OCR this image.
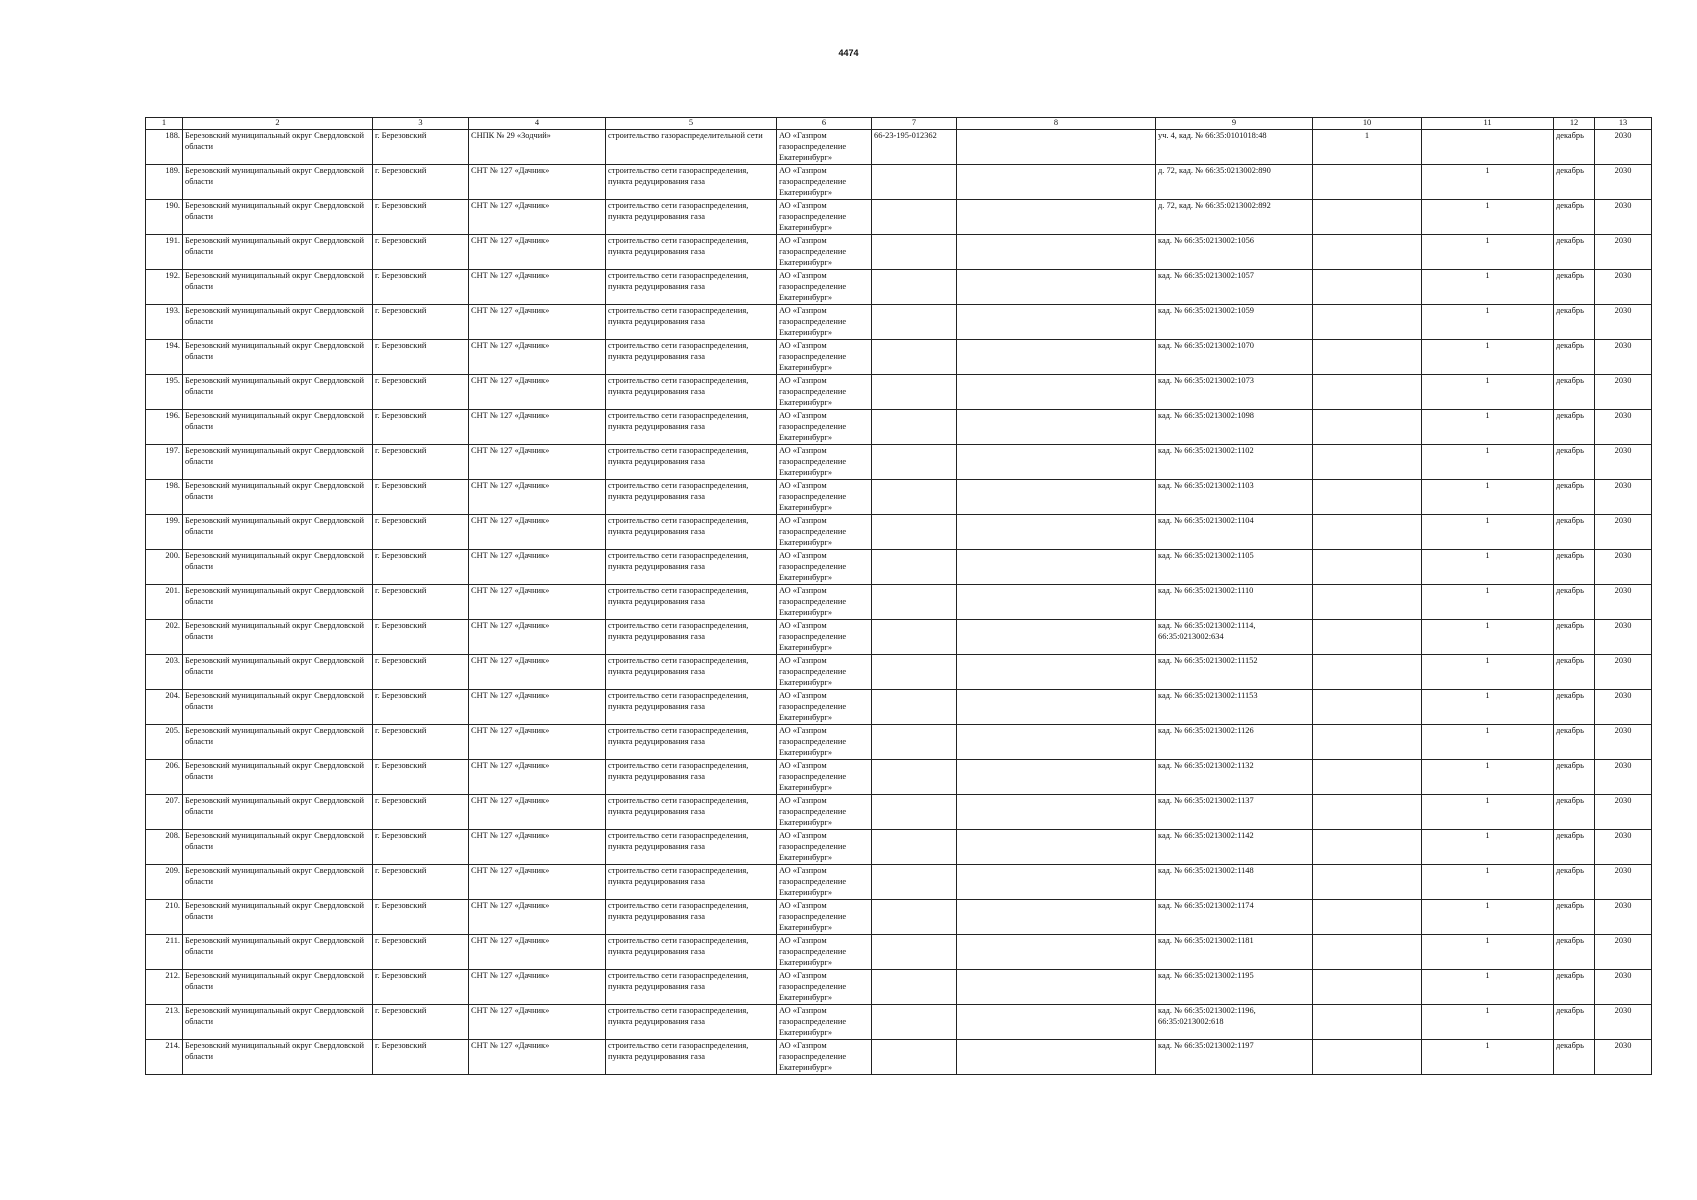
4474
1	2	3	4	5	6	7	8	9	10	11	12	13
188.	Березовский муниципальный округ Свердловской области	г. Березовский	СНПК № 29 «Зодчий»	строительство газораспределительной сети	АО «Газпром газораспределение Екатеринбург»	66-23-195-012362		уч. 4, кад. № 66:35:0101018:48	1		декабрь	2030
189.	Березовский муниципальный округ Свердловской области	г. Березовский	СНТ № 127 «Дачник»	строительство сети газораспределения, пункта редуцирования газа	АО «Газпром газораспределение Екатеринбург»			д. 72, кад. № 66:35:0213002:890		1	декабрь	2030
190.	Березовский муниципальный округ Свердловской области	г. Березовский	СНТ № 127 «Дачник»	строительство сети газораспределения, пункта редуцирования газа	АО «Газпром газораспределение Екатеринбург»			д. 72, кад. № 66:35:0213002:892		1	декабрь	2030
191.	Березовский муниципальный округ Свердловской области	г. Березовский	СНТ № 127 «Дачник»	строительство сети газораспределения, пункта редуцирования газа	АО «Газпром газораспределение Екатеринбург»			кад. № 66:35:0213002:1056		1	декабрь	2030
192.	Березовский муниципальный округ Свердловской области	г. Березовский	СНТ № 127 «Дачник»	строительство сети газораспределения, пункта редуцирования газа	АО «Газпром газораспределение Екатеринбург»			кад. № 66:35:0213002:1057		1	декабрь	2030
193.	Березовский муниципальный округ Свердловской области	г. Березовский	СНТ № 127 «Дачник»	строительство сети газораспределения, пункта редуцирования газа	АО «Газпром газораспределение Екатеринбург»			кад. № 66:35:0213002:1059		1	декабрь	2030
194.	Березовский муниципальный округ Свердловской области	г. Березовский	СНТ № 127 «Дачник»	строительство сети газораспределения, пункта редуцирования газа	АО «Газпром газораспределение Екатеринбург»			кад. № 66:35:0213002:1070		1	декабрь	2030
195.	Березовский муниципальный округ Свердловской области	г. Березовский	СНТ № 127 «Дачник»	строительство сети газораспределения, пункта редуцирования газа	АО «Газпром газораспределение Екатеринбург»			кад. № 66:35:0213002:1073		1	декабрь	2030
196.	Березовский муниципальный округ Свердловской области	г. Березовский	СНТ № 127 «Дачник»	строительство сети газораспределения, пункта редуцирования газа	АО «Газпром газораспределение Екатеринбург»			кад. № 66:35:0213002:1098		1	декабрь	2030
197.	Березовский муниципальный округ Свердловской области	г. Березовский	СНТ № 127 «Дачник»	строительство сети газораспределения, пункта редуцирования газа	АО «Газпром газораспределение Екатеринбург»			кад. № 66:35:0213002:1102		1	декабрь	2030
198.	Березовский муниципальный округ Свердловской области	г. Березовский	СНТ № 127 «Дачник»	строительство сети газораспределения, пункта редуцирования газа	АО «Газпром газораспределение Екатеринбург»			кад. № 66:35:0213002:1103		1	декабрь	2030
199.	Березовский муниципальный округ Свердловской области	г. Березовский	СНТ № 127 «Дачник»	строительство сети газораспределения, пункта редуцирования газа	АО «Газпром газораспределение Екатеринбург»			кад. № 66:35:0213002:1104		1	декабрь	2030
200.	Березовский муниципальный округ Свердловской области	г. Березовский	СНТ № 127 «Дачник»	строительство сети газораспределения, пункта редуцирования газа	АО «Газпром газораспределение Екатеринбург»			кад. № 66:35:0213002:1105		1	декабрь	2030
201.	Березовский муниципальный округ Свердловской области	г. Березовский	СНТ № 127 «Дачник»	строительство сети газораспределения, пункта редуцирования газа	АО «Газпром газораспределение Екатеринбург»			кад. № 66:35:0213002:1110		1	декабрь	2030
202.	Березовский муниципальный округ Свердловской области	г. Березовский	СНТ № 127 «Дачник»	строительство сети газораспределения, пункта редуцирования газа	АО «Газпром газораспределение Екатеринбург»			кад. № 66:35:0213002:1114, 66:35:0213002:634		1	декабрь	2030
203.	Березовский муниципальный округ Свердловской области	г. Березовский	СНТ № 127 «Дачник»	строительство сети газораспределения, пункта редуцирования газа	АО «Газпром газораспределение Екатеринбург»			кад. № 66:35:0213002:11152		1	декабрь	2030
204.	Березовский муниципальный округ Свердловской области	г. Березовский	СНТ № 127 «Дачник»	строительство сети газораспределения, пункта редуцирования газа	АО «Газпром газораспределение Екатеринбург»			кад. № 66:35:0213002:11153		1	декабрь	2030
205.	Березовский муниципальный округ Свердловской области	г. Березовский	СНТ № 127 «Дачник»	строительство сети газораспределения, пункта редуцирования газа	АО «Газпром газораспределение Екатеринбург»			кад. № 66:35:0213002:1126		1	декабрь	2030
206.	Березовский муниципальный округ Свердловской области	г. Березовский	СНТ № 127 «Дачник»	строительство сети газораспределения, пункта редуцирования газа	АО «Газпром газораспределение Екатеринбург»			кад. № 66:35:0213002:1132		1	декабрь	2030
207.	Березовский муниципальный округ Свердловской области	г. Березовский	СНТ № 127 «Дачник»	строительство сети газораспределения, пункта редуцирования газа	АО «Газпром газораспределение Екатеринбург»			кад. № 66:35:0213002:1137		1	декабрь	2030
208.	Березовский муниципальный округ Свердловской области	г. Березовский	СНТ № 127 «Дачник»	строительство сети газораспределения, пункта редуцирования газа	АО «Газпром газораспределение Екатеринбург»			кад. № 66:35:0213002:1142		1	декабрь	2030
209.	Березовский муниципальный округ Свердловской области	г. Березовский	СНТ № 127 «Дачник»	строительство сети газораспределения, пункта редуцирования газа	АО «Газпром газораспределение Екатеринбург»			кад. № 66:35:0213002:1148		1	декабрь	2030
210.	Березовский муниципальный округ Свердловской области	г. Березовский	СНТ № 127 «Дачник»	строительство сети газораспределения, пункта редуцирования газа	АО «Газпром газораспределение Екатеринбург»			кад. № 66:35:0213002:1174		1	декабрь	2030
211.	Березовский муниципальный округ Свердловской области	г. Березовский	СНТ № 127 «Дачник»	строительство сети газораспределения, пункта редуцирования газа	АО «Газпром газораспределение Екатеринбург»			кад. № 66:35:0213002:1181		1	декабрь	2030
212.	Березовский муниципальный округ Свердловской области	г. Березовский	СНТ № 127 «Дачник»	строительство сети газораспределения, пункта редуцирования газа	АО «Газпром газораспределение Екатеринбург»			кад. № 66:35:0213002:1195		1	декабрь	2030
213.	Березовский муниципальный округ Свердловской области	г. Березовский	СНТ № 127 «Дачник»	строительство сети газораспределения, пункта редуцирования газа	АО «Газпром газораспределение Екатеринбург»			кад. № 66:35:0213002:1196, 66:35:0213002:618		1	декабрь	2030
214.	Березовский муниципальный округ Свердловской области	г. Березовский	СНТ № 127 «Дачник»	строительство сети газораспределения, пункта редуцирования газа	АО «Газпром газораспределение Екатеринбург»			кад. № 66:35:0213002:1197		1	декабрь	2030
